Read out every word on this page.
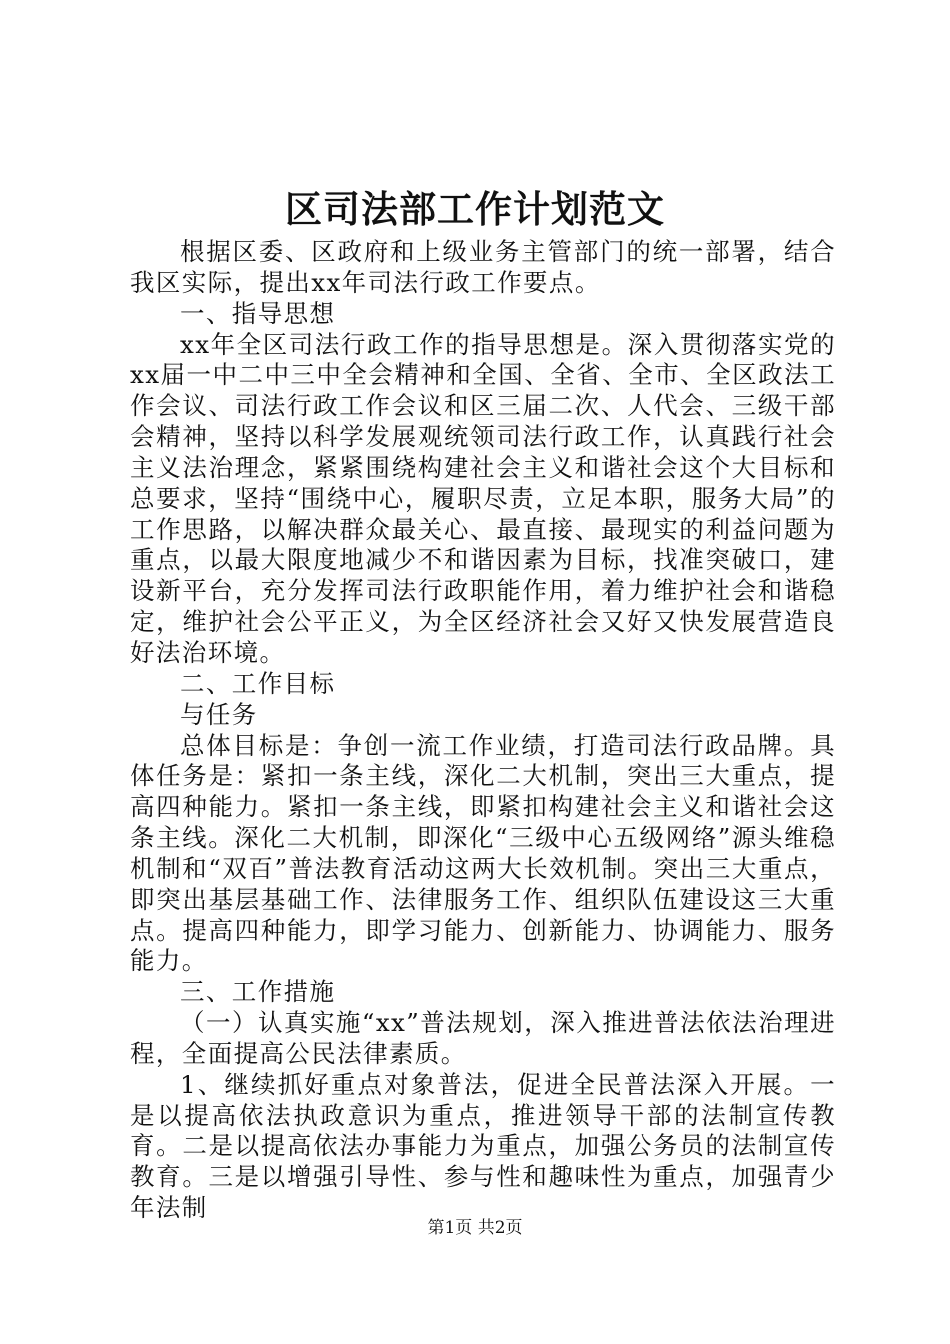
区司法部工作计划范文

根据区委、区政府和上级业务主管部门的统一部署，结合我区实际，提出xx年司法行政工作要点。

一、指导思想

xx年全区司法行政工作的指导思想是。深入贯彻落实党的xx届一中二中三中全会精神和全国、全省、全市、全区政法工作会议、司法行政工作会议和区三届二次、人代会、三级干部会精神，坚持以科学发展观统领司法行政工作，认真践行社会主义法治理念，紧紧围绕构建社会主义和谐社会这个大目标和总要求，坚持“围绕中心，履职尽责，立足本职，服务大局”的工作思路，以解决群众最关心、最直接、最现实的利益问题为重点，以最大限度地减少不和谐因素为目标，找准突破口，建设新平台，充分发挥司法行政职能作用，着力维护社会和谐稳定，维护社会公平正义，为全区经济社会又好又快发展营造良好法治环境。

二、工作目标

与任务

总体目标是：争创一流工作业绩，打造司法行政品牌。具体任务是：紧扣一条主线，深化二大机制，突出三大重点，提高四种能力。紧扣一条主线，即紧扣构建社会主义和谐社会这条主线。深化二大机制，即深化“三级中心五级网络”源头维稳机制和“双百”普法教育活动这两大长效机制。突出三大重点，即突出基层基础工作、法律服务工作、组织队伍建设这三大重点。提高四种能力，即学习能力、创新能力、协调能力、服务能力。

三、工作措施

（一）认真实施“xx”普法规划，深入推进普法依法治理进程，全面提高公民法律素质。

1、继续抓好重点对象普法，促进全民普法深入开展。一是以提高依法执政意识为重点，推进领导干部的法制宣传教育。二是以提高依法办事能力为重点，加强公务员的法制宣传教育。三是以增强引导性、参与性和趣味性为重点，加强青少年法制

第1页 共2页
